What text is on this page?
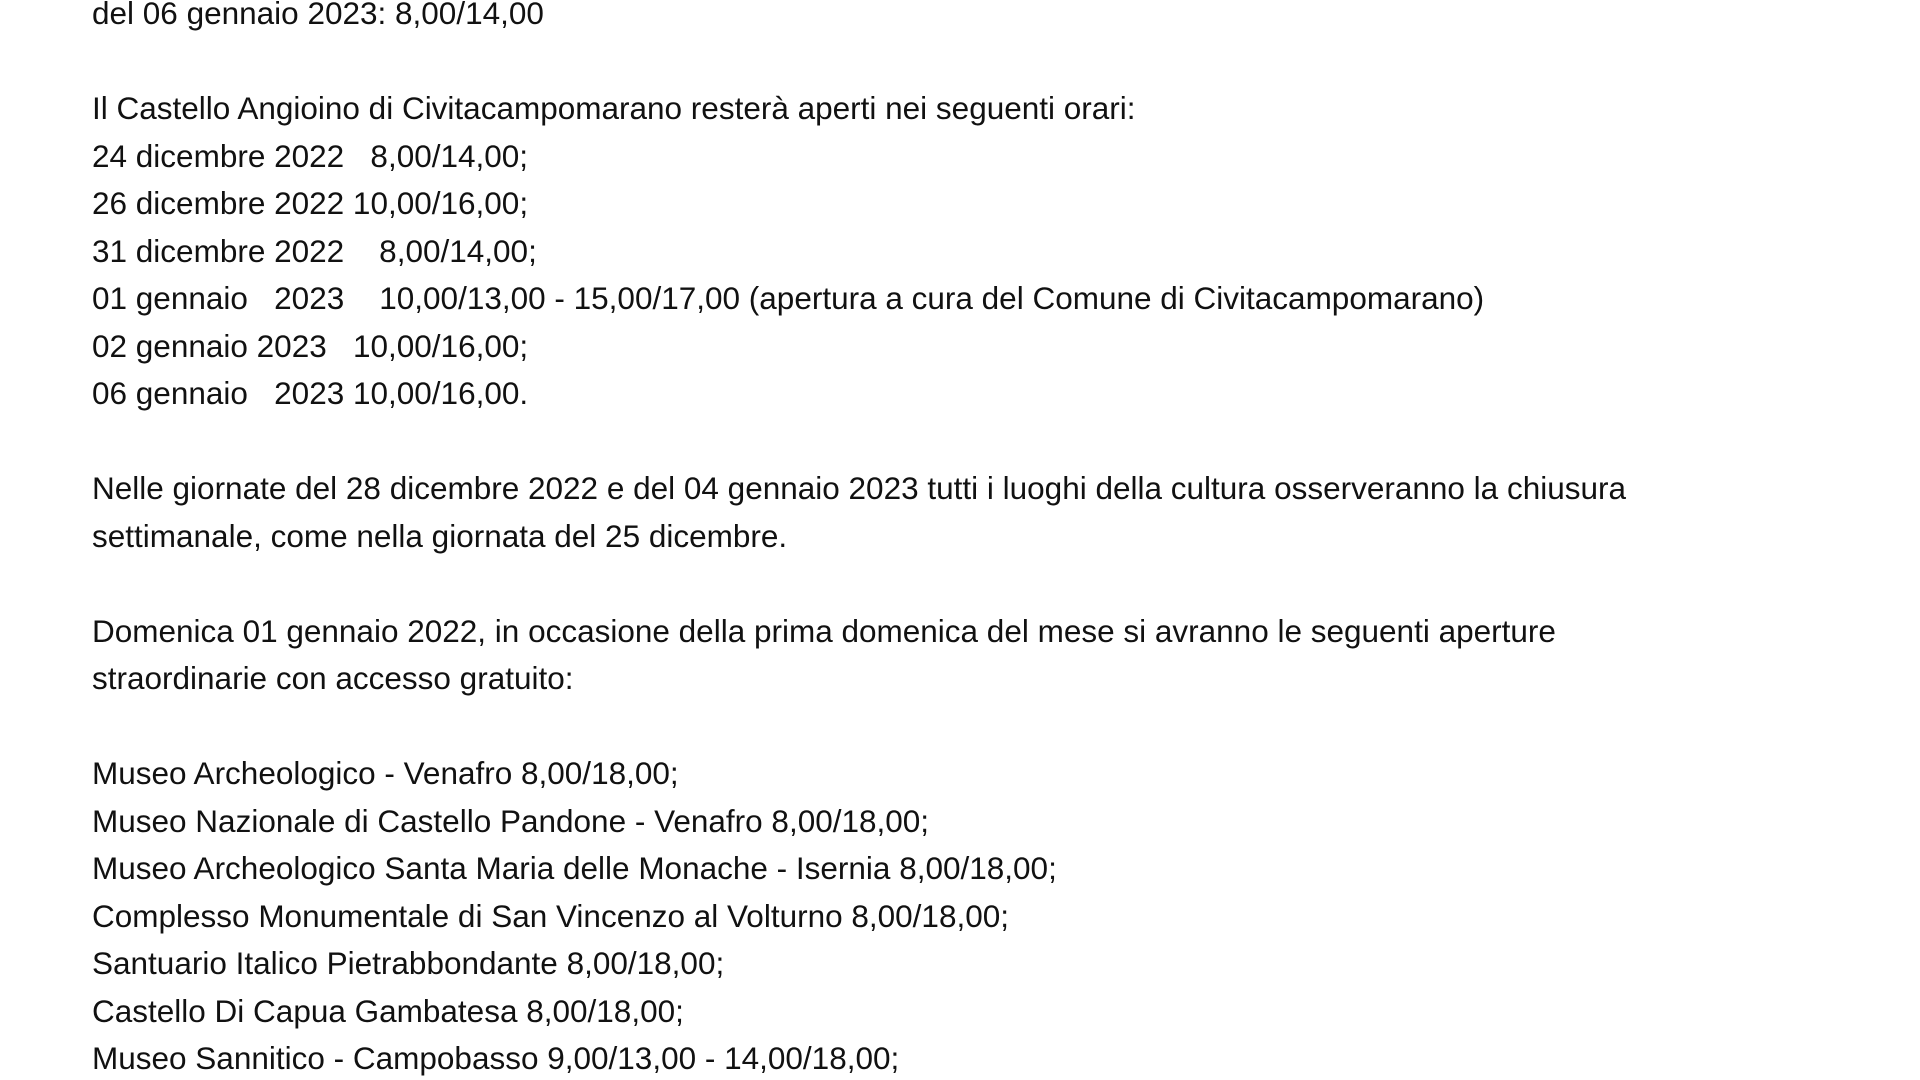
del 06 gennaio 2023: 8,00/14,00
Il Castello Angioino di Civitacampomarano resterà aperti nei seguenti orari:
24 dicembre 2022   8,00/14,00;
26 dicembre 2022 10,00/16,00;
31 dicembre 2022    8,00/14,00;
01 gennaio   2023    10,00/13,00 - 15,00/17,00 (apertura a cura del Comune di Civitacampomarano)
02 gennaio 2023   10,00/16,00;
06 gennaio   2023 10,00/16,00.
Nelle giornate del 28 dicembre 2022 e del 04 gennaio 2023 tutti i luoghi della cultura osserveranno la chiusura
settimanale, come nella giornata del 25 dicembre.
Domenica 01 gennaio 2022, in occasione della prima domenica del mese si avranno le seguenti aperture
straordinarie con accesso gratuito:
Museo Archeologico - Venafro 8,00/18,00;
Museo Nazionale di Castello Pandone - Venafro 8,00/18,00;
Museo Archeologico Santa Maria delle Monache - Isernia 8,00/18,00;
Complesso Monumentale di San Vincenzo al Volturno 8,00/18,00;
Santuario Italico Pietrabbondante 8,00/18,00;
Castello Di Capua Gambatesa 8,00/18,00;
Museo Sannitico - Campobasso 9,00/13,00 - 14,00/18,00;
